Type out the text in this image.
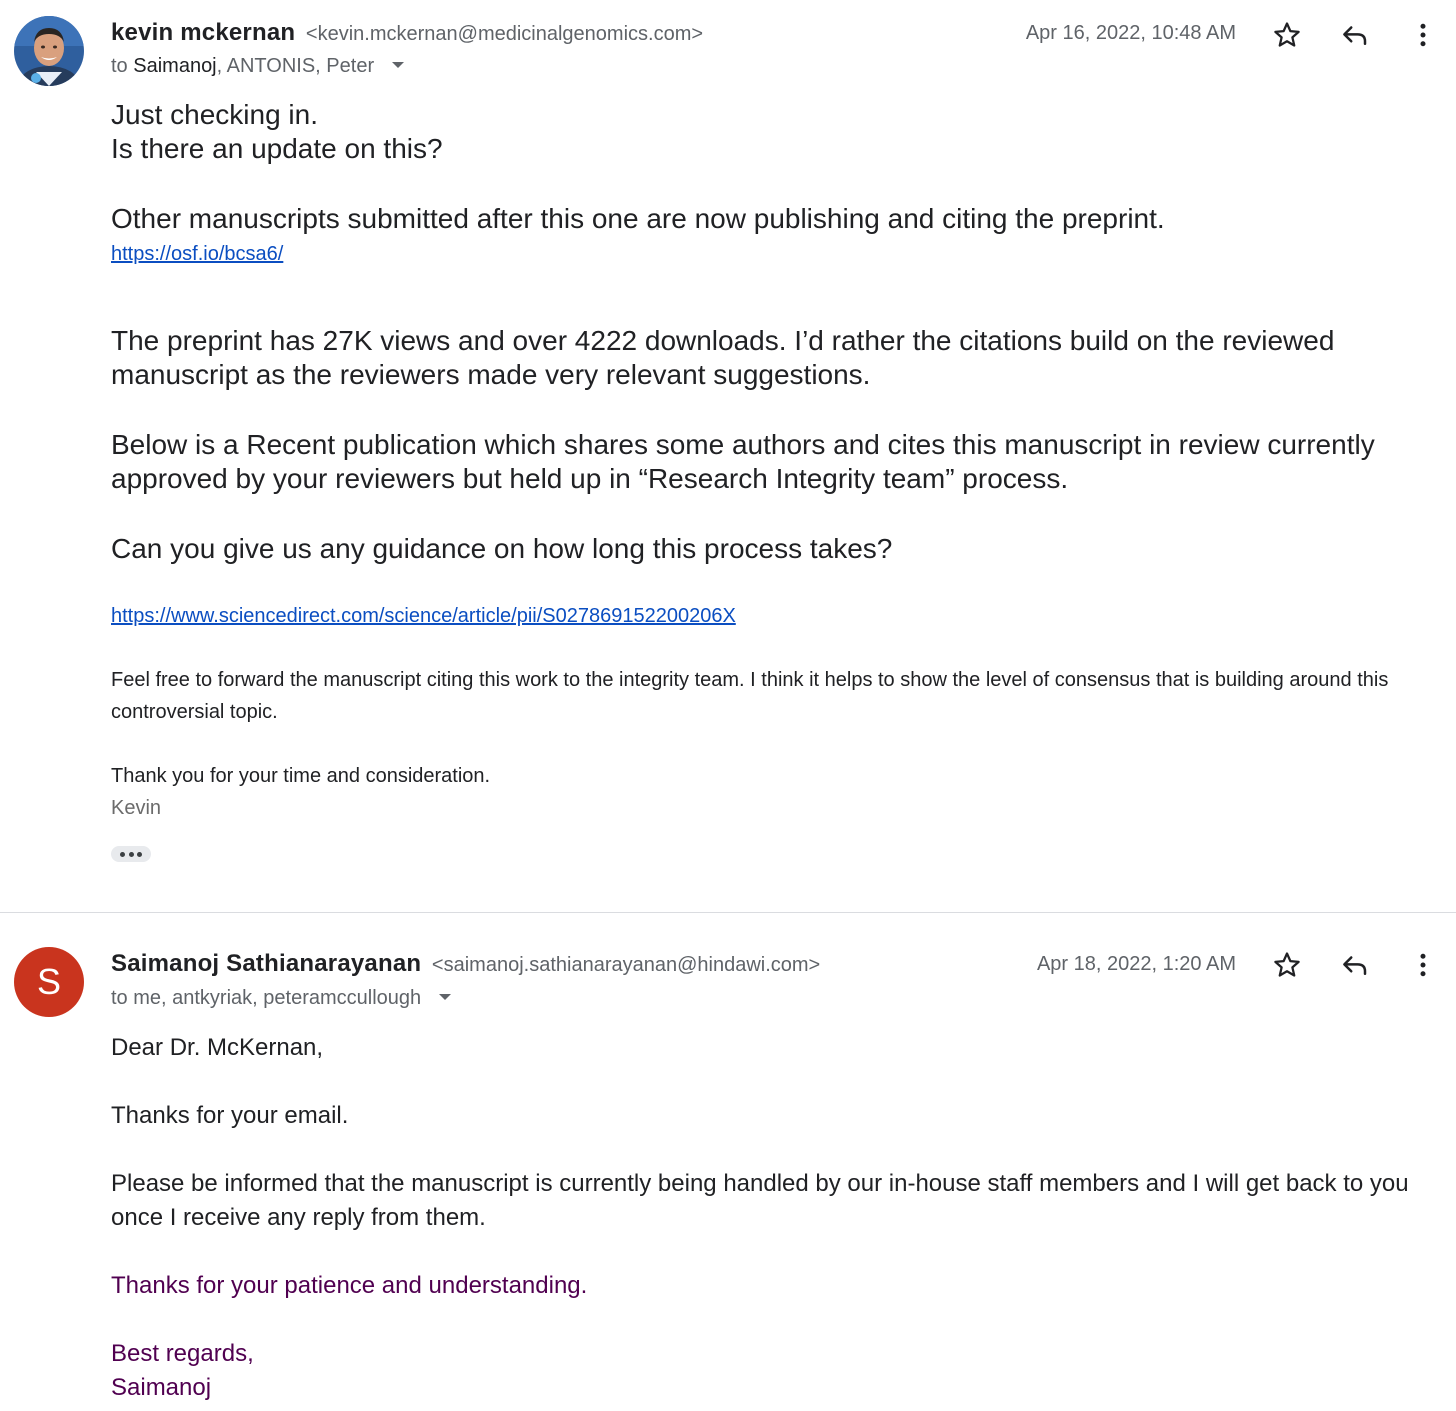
kevin mckernan <kevin.mckernan@medicinalgenomics.com>
to Saimanoj, ANTONIS, Peter
Apr 16, 2022, 10:48 AM

Just checking in.

Is there an update on this?

Other manuscripts submitted after this one are now publishing and citing the preprint.

https://osf.io/bcsa6/

The preprint has 27K views and over 4222 downloads. I’d rather the citations build on the reviewed manuscript as the reviewers made very relevant suggestions.

Below is a Recent publication which shares some authors and cites this manuscript in review currently approved by your reviewers but held up in “Research Integrity team” process.

Can you give us any guidance on how long this process takes?

https://www.sciencedirect.com/science/article/pii/S027869152200206X

Feel free to forward the manuscript citing this work to the integrity team. I think it helps to show the level of consensus that is building around this controversial topic.

Thank you for your time and consideration.

Kevin

S	Saimanoj Sathianarayanan <saimanoj.sathianarayanan@hindawi.com>
to me, antkyriak, peteramccullough
Apr 18, 2022, 1:20 AM

Dear Dr. McKernan,

Thanks for your email.

Please be informed that the manuscript is currently being handled by our in-house staff members and I will get back to you once I receive any reply from them.

Thanks for your patience and understanding.

Best regards,

Saimanoj
